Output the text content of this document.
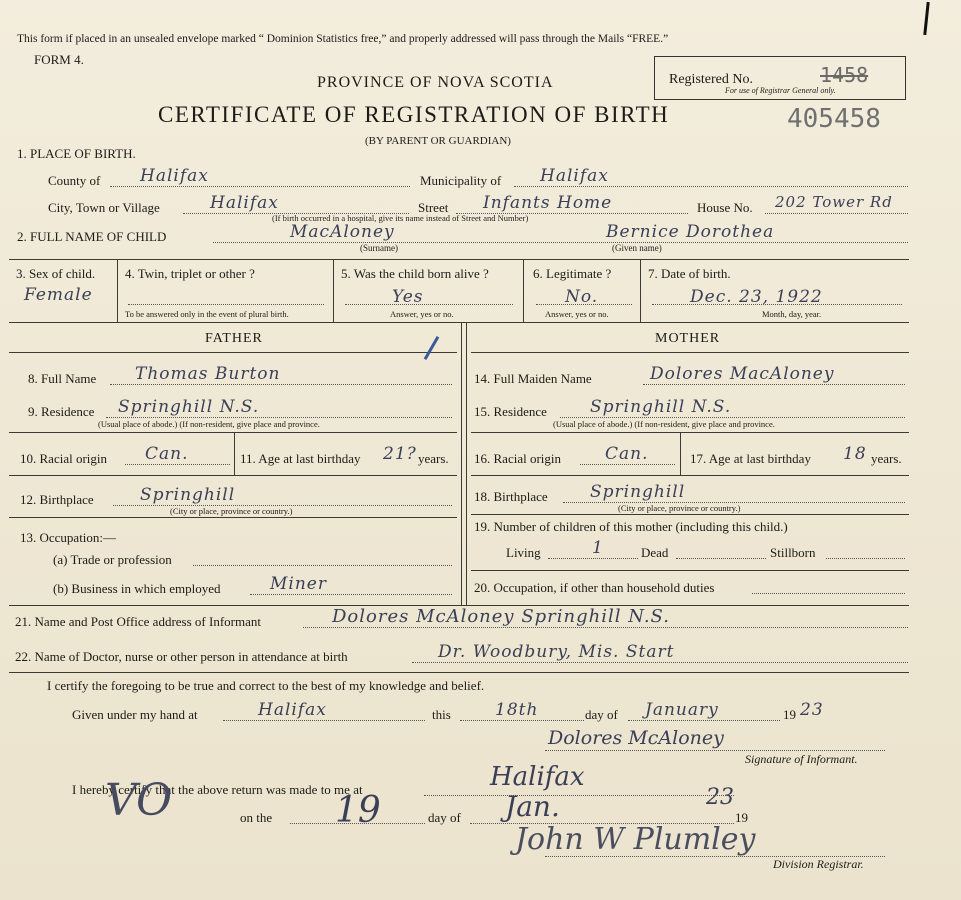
This form if placed in an unsealed envelope marked “ Dominion Statistics free,” and properly addressed will pass through the Mails “FREE.”
FORM 4.
PROVINCE OF NOVA SCOTIA
CERTIFICATE OF REGISTRATION OF BIRTH
(BY PARENT OR GUARDIAN)
Registered No.	1458
For use of Registrar General only.
405458
1. PLACE OF BIRTH.
County of Halifax	Municipality of Halifax
City, Town or Village	Halifax	Street Infants Home
(If birth occurred in a hospital, give its name instead of Street and Number)
House No. 202 Tower Rd
2. FULL NAME OF CHILD	MacAloney
(Surname)
Bernice Dorothea
(Given name)
3. Sex of child.
Female
4. Twin, triplet or other ?
To be answered only in the event of plural birth.
5. Was the child born alive ?
Yes
Answer, yes or no.
6. Legitimate ?
No.
Answer, yes or no.
7. Date of birth.
Dec. 23, 1922
Month, day, year.
FATHER	MOTHER
8. Full Name Thomas Burton
9. Residence Springhill N.S.
(Usual place of abode.) (If non-resident, give place and province.
10. Racial origin Can.	11. Age at last birthday 21? years.
12. Birthplace	Springhill
(City or place, province or country.)
13. Occupation:—
(a) Trade or profession
(b) Business in which employed	Miner
14. Full Maiden Name	Dolores MacAloney
15. Residence	Springhill N.S.
(Usual place of abode.) (If non-resident, give place and province.
16. Racial origin	Can.	17. Age at last birthday 18 years.
18. Birthplace Springhill
(City or place, province or country.)
19. Number of children of this mother (including this child.)
Living	1	Dead	Stillborn
20. Occupation, if other than household duties
21. Name and Post Office address of Informant	Dolores McAloney Springhill N.S.
22. Name of Doctor, nurse or other person in attendance at birth	Dr. Woodbury, Mis. Start
I certify the foregoing to be true and correct to the best of my knowledge and belief.
Given under my hand at	Halifax	this	18th	day of January	19 23
Dolores McAloney
Signature of Informant.
I hereby certify that the above return was made to me at	Halifax
VO	on the 19	day of Jan.	19
23
John W Plumley
Division Registrar.
